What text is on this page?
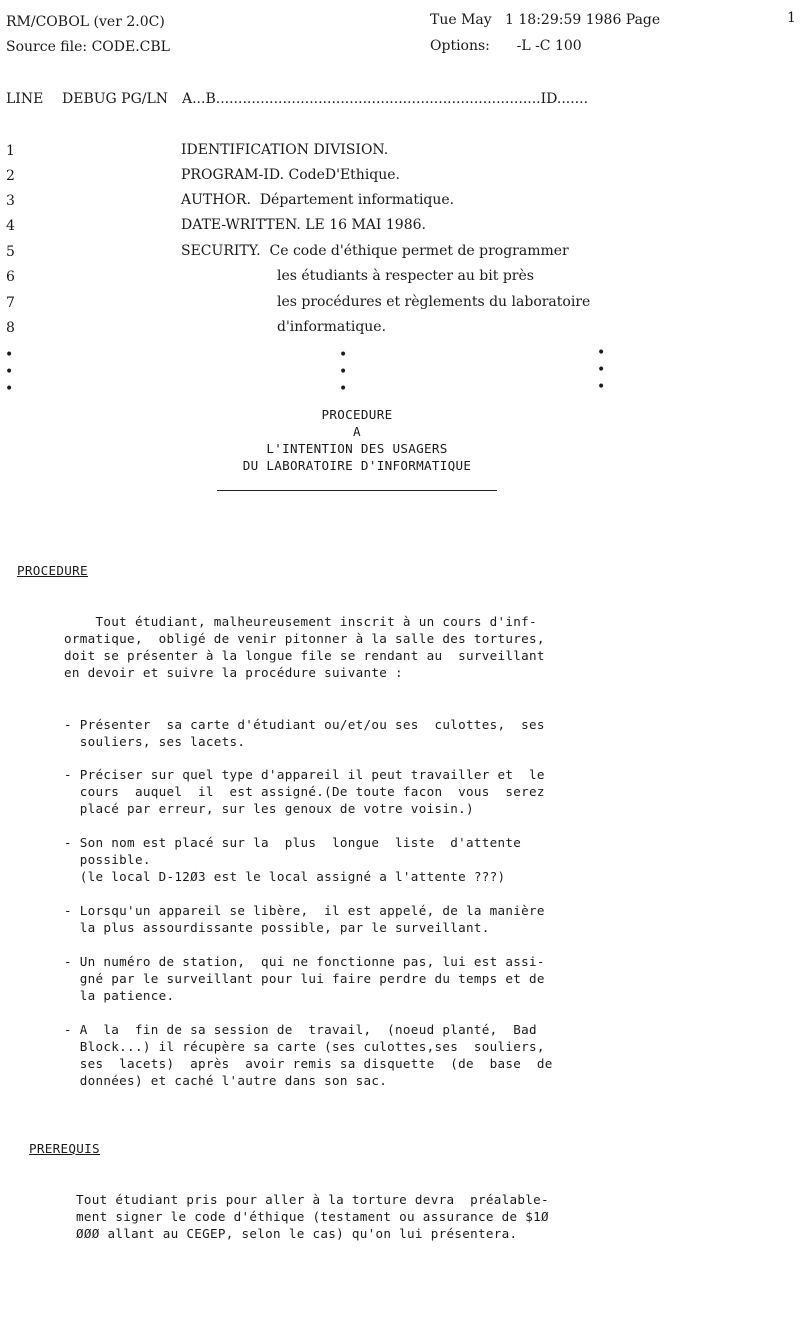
RM/COBOL (ver 2.0C)
Source file: CODE.CBL
Tue May   1 18:29:59 1986 Page	1
Options:      -L -C 100
LINE DEBUG PG/LN A...B.........................................................................ID.......
1
2
3
4
5
6
7
8
IDENTIFICATION DIVISION.
PROGRAM-ID. CodeD'Ethique.
AUTHOR.  Département informatique.
DATE-WRITTEN. LE 16 MAI 1986.
SECURITY.  Ce code d'éthique permet de programmer
les étudiants à respecter au bit près
les procédures et règlements du laboratoire
d'informatique.
•
•
•
•
•
•
•
•
•
PROCEDURE
A
L'INTENTION DES USAGERS
DU LABORATOIRE D'INFORMATIQUE
PROCEDURE
Tout étudiant, malheureusement inscrit à un cours d'inf-
ormatique,  obligé de venir pitonner à la salle des tortures,
doit se présenter à la longue file se rendant au  surveillant
en devoir et suivre la procédure suivante :
- Présenter  sa carte d'étudiant ou/et/ou ses  culottes,  ses
souliers, ses lacets.
- Préciser sur quel type d'appareil il peut travailler et  le
cours  auquel  il  est assigné.(De toute facon  vous  serez
placé par erreur, sur les genoux de votre voisin.)
- Son nom est placé sur la  plus  longue  liste  d'attente
possible.
(le local D-12Ø3 est le local assigné a l'attente ???)
- Lorsqu'un appareil se libère,  il est appelé, de la manière
la plus assourdissante possible, par le surveillant.
- Un numéro de station,  qui ne fonctionne pas, lui est assi-
gné par le surveillant pour lui faire perdre du temps et de
la patience.
- A  la  fin de sa session de  travail,  (noeud planté,  Bad
Block...) il récupère sa carte (ses culottes,ses  souliers,
ses  lacets)  après  avoir remis sa disquette  (de  base  de
données) et caché l'autre dans son sac.
PREREQUIS
Tout étudiant pris pour aller à la torture devra  préalable-
ment signer le code d'éthique (testament ou assurance de $1Ø
ØØØ allant au CEGEP, selon le cas) qu'on lui présentera.
